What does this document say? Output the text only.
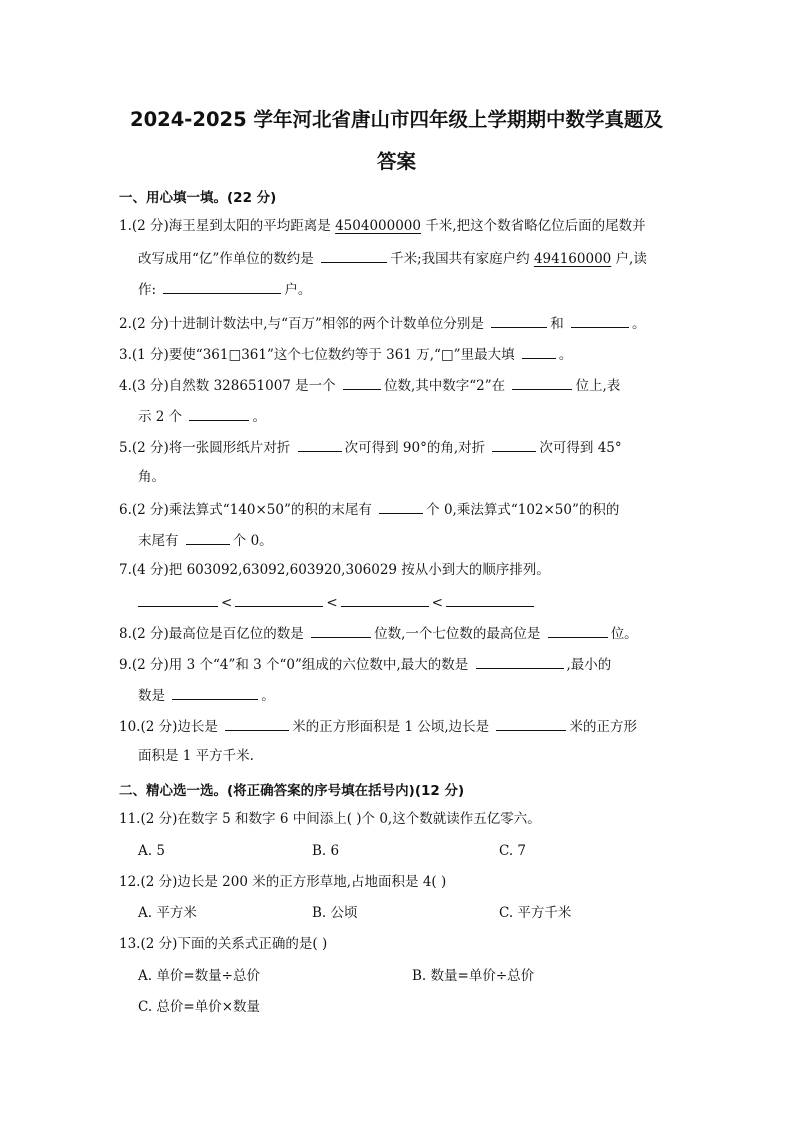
2024-2025 学年河北省唐山市四年级上学期期中数学真题及
答案
一、用心填一填。(22 分)
1.(2 分)海王星到太阳的平均距离是 4504000000 千米,把这个数省略亿位后面的尾数并
改写成用“亿”作单位的数约是	千米;我国共有家庭户约 494160000 户,读
作:	户。
2.(2 分)十进制计数法中,与“百万”相邻的两个计数单位分别是	和	。
3.(1 分)要使“361□361”这个七位数约等于 361 万,“□”里最大填	。
4.(3 分)自然数 328651007 是一个	位数,其中数字“2”在	位上,表
示 2 个	。
5.(2 分)将一张圆形纸片对折	次可得到 90°的角,对折	次可得到 45°
角。
6.(2 分)乘法算式“140×50”的积的末尾有	个 0,乘法算式“102×50”的积的
末尾有	个 0。
7.(4 分)把 603092,63092,603920,306029 按从小到大的顺序排列。
<	<	<
8.(2 分)最高位是百亿位的数是	位数,一个七位数的最高位是	位。
9.(2 分)用 3 个“4”和 3 个“0”组成的六位数中,最大的数是	,最小的
数是	。
10.(2 分)边长是	米的正方形面积是 1 公顷,边长是	米的正方形
面积是 1 平方千米.
二、精心选一选。(将正确答案的序号填在括号内)(12 分)
11.(2 分)在数字 5 和数字 6 中间添上( )个 0,这个数就读作五亿零六。
A. 5	B. 6	C. 7
12.(2 分)边长是 200 米的正方形草地,占地面积是 4( )
A. 平方米	B. 公顷	C. 平方千米
13.(2 分)下面的关系式正确的是( )
A. 单价=数量÷总价	B. 数量=单价÷总价
C. 总价=单价×数量
